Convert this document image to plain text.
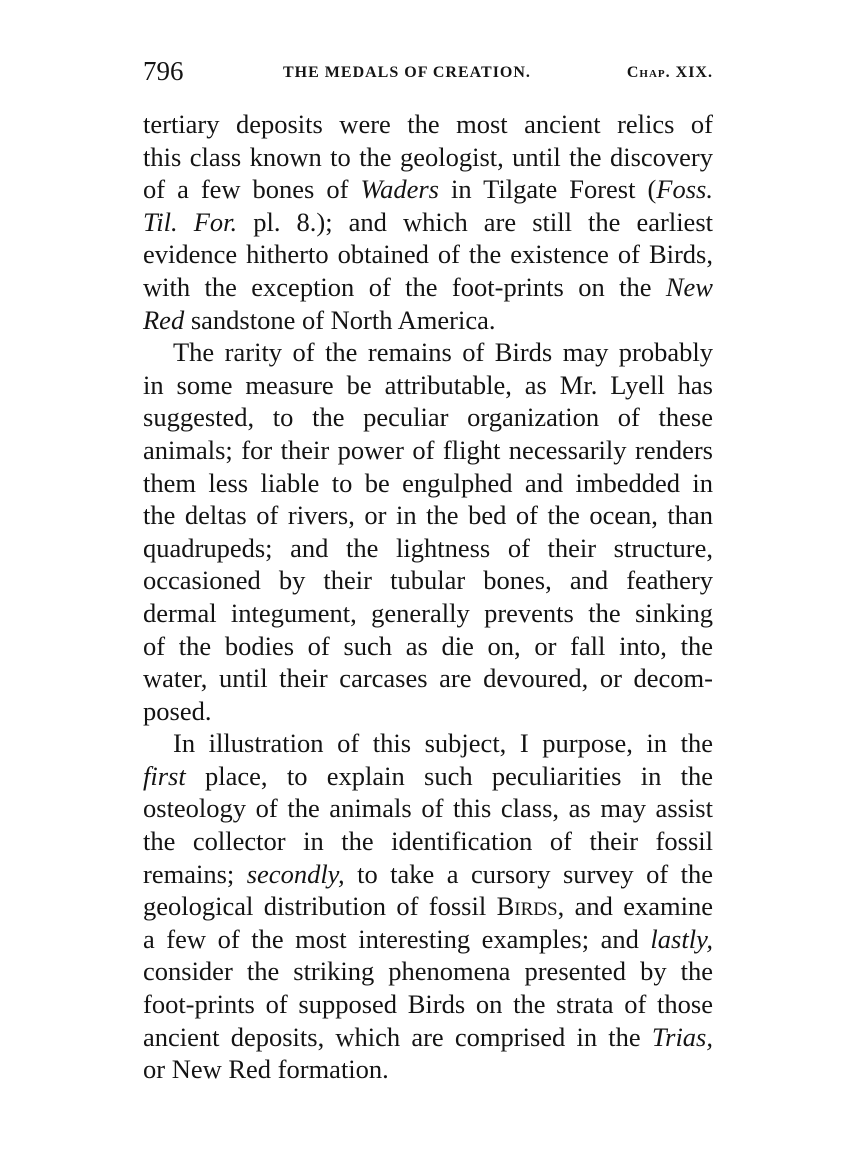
796	THE MEDALS OF CREATION.	Chap. XIX.
tertiary deposits were the most ancient relics of
this class known to the geologist, until the discovery
of a few bones of Waders in Tilgate Forest (Foss.
Til. For. pl. 8.); and which are still the earliest
evidence hitherto obtained of the existence of Birds,
with the exception of the foot-prints on the New
Red sandstone of North America.
The rarity of the remains of Birds may probably
in some measure be attributable, as Mr. Lyell has
suggested, to the peculiar organization of these
animals; for their power of flight necessarily renders
them less liable to be engulphed and imbedded in
the deltas of rivers, or in the bed of the ocean, than
quadrupeds; and the lightness of their structure,
occasioned by their tubular bones, and feathery
dermal integument, generally prevents the sinking
of the bodies of such as die on, or fall into, the
water, until their carcases are devoured, or decom-
posed.
In illustration of this subject, I purpose, in the
first place, to explain such peculiarities in the
osteology of the animals of this class, as may assist
the collector in the identification of their fossil
remains; secondly, to take a cursory survey of the
geological distribution of fossil Birds, and examine
a few of the most interesting examples; and lastly,
consider the striking phenomena presented by the
foot-prints of supposed Birds on the strata of those
ancient deposits, which are comprised in the Trias,
or New Red formation.
